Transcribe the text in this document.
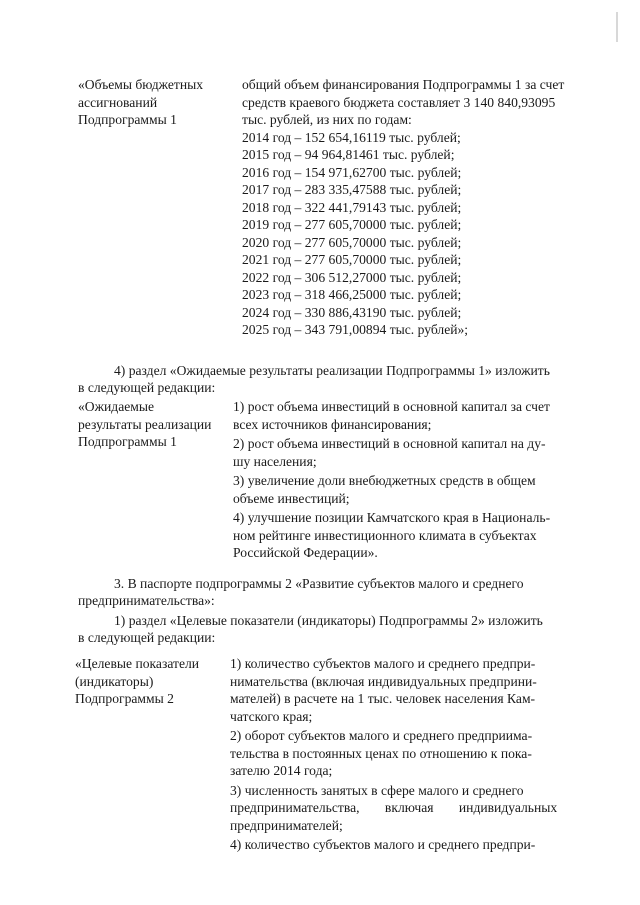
«Объемы бюджетных
ассигнований
Подпрограммы 1
общий объем финансирования Подпрограммы 1 за счет
средств краевого бюджета составляет 3 140 840,93095
тыс. рублей, из них по годам:
2014 год – 152 654,16119 тыс. рублей;
2015 год – 94 964,81461 тыс. рублей;
2016 год – 154 971,62700 тыс. рублей;
2017 год – 283 335,47588 тыс. рублей;
2018 год – 322 441,79143 тыс. рублей;
2019 год – 277 605,70000 тыс. рублей;
2020 год – 277 605,70000 тыс. рублей;
2021 год – 277 605,70000 тыс. рублей;
2022 год – 306 512,27000 тыс. рублей;
2023 год – 318 466,25000 тыс. рублей;
2024 год – 330 886,43190 тыс. рублей;
2025 год – 343 791,00894 тыс. рублей»;
4) раздел «Ожидаемые результаты реализации Подпрограммы 1» изложить
в следующей редакции:
«Ожидаемые
результаты реализации
Подпрограммы 1
1) рост объема инвестиций в основной капитал за счет
всех источников финансирования;
2) рост объема инвестиций в основной капитал на ду-
шу населения;
3) увеличение доли внебюджетных средств в общем
объеме инвестиций;
4) улучшение позиции Камчатского края в Националь-
ном рейтинге инвестиционного климата в субъектах
Российской Федерации».
3. В паспорте подпрограммы 2 «Развитие субъектов малого и среднего
предпринимательства»:
1) раздел «Целевые показатели (индикаторы) Подпрограммы 2» изложить
в следующей редакции:
«Целевые показатели
(индикаторы)
Подпрограммы 2
1) количество субъектов малого и среднего предпри-
нимательства (включая индивидуальных предприни-
мателей) в расчете на 1 тыс. человек населения Кам-
чатского края;
2) оборот субъектов малого и среднего предприима-
тельства в постоянных ценах по отношению к пока-
зателю 2014 года;
3) численность занятых в сфере малого и среднего
предпринимательства, включая индивидуальных
предпринимателей;
4) количество субъектов малого и среднего предпри-
